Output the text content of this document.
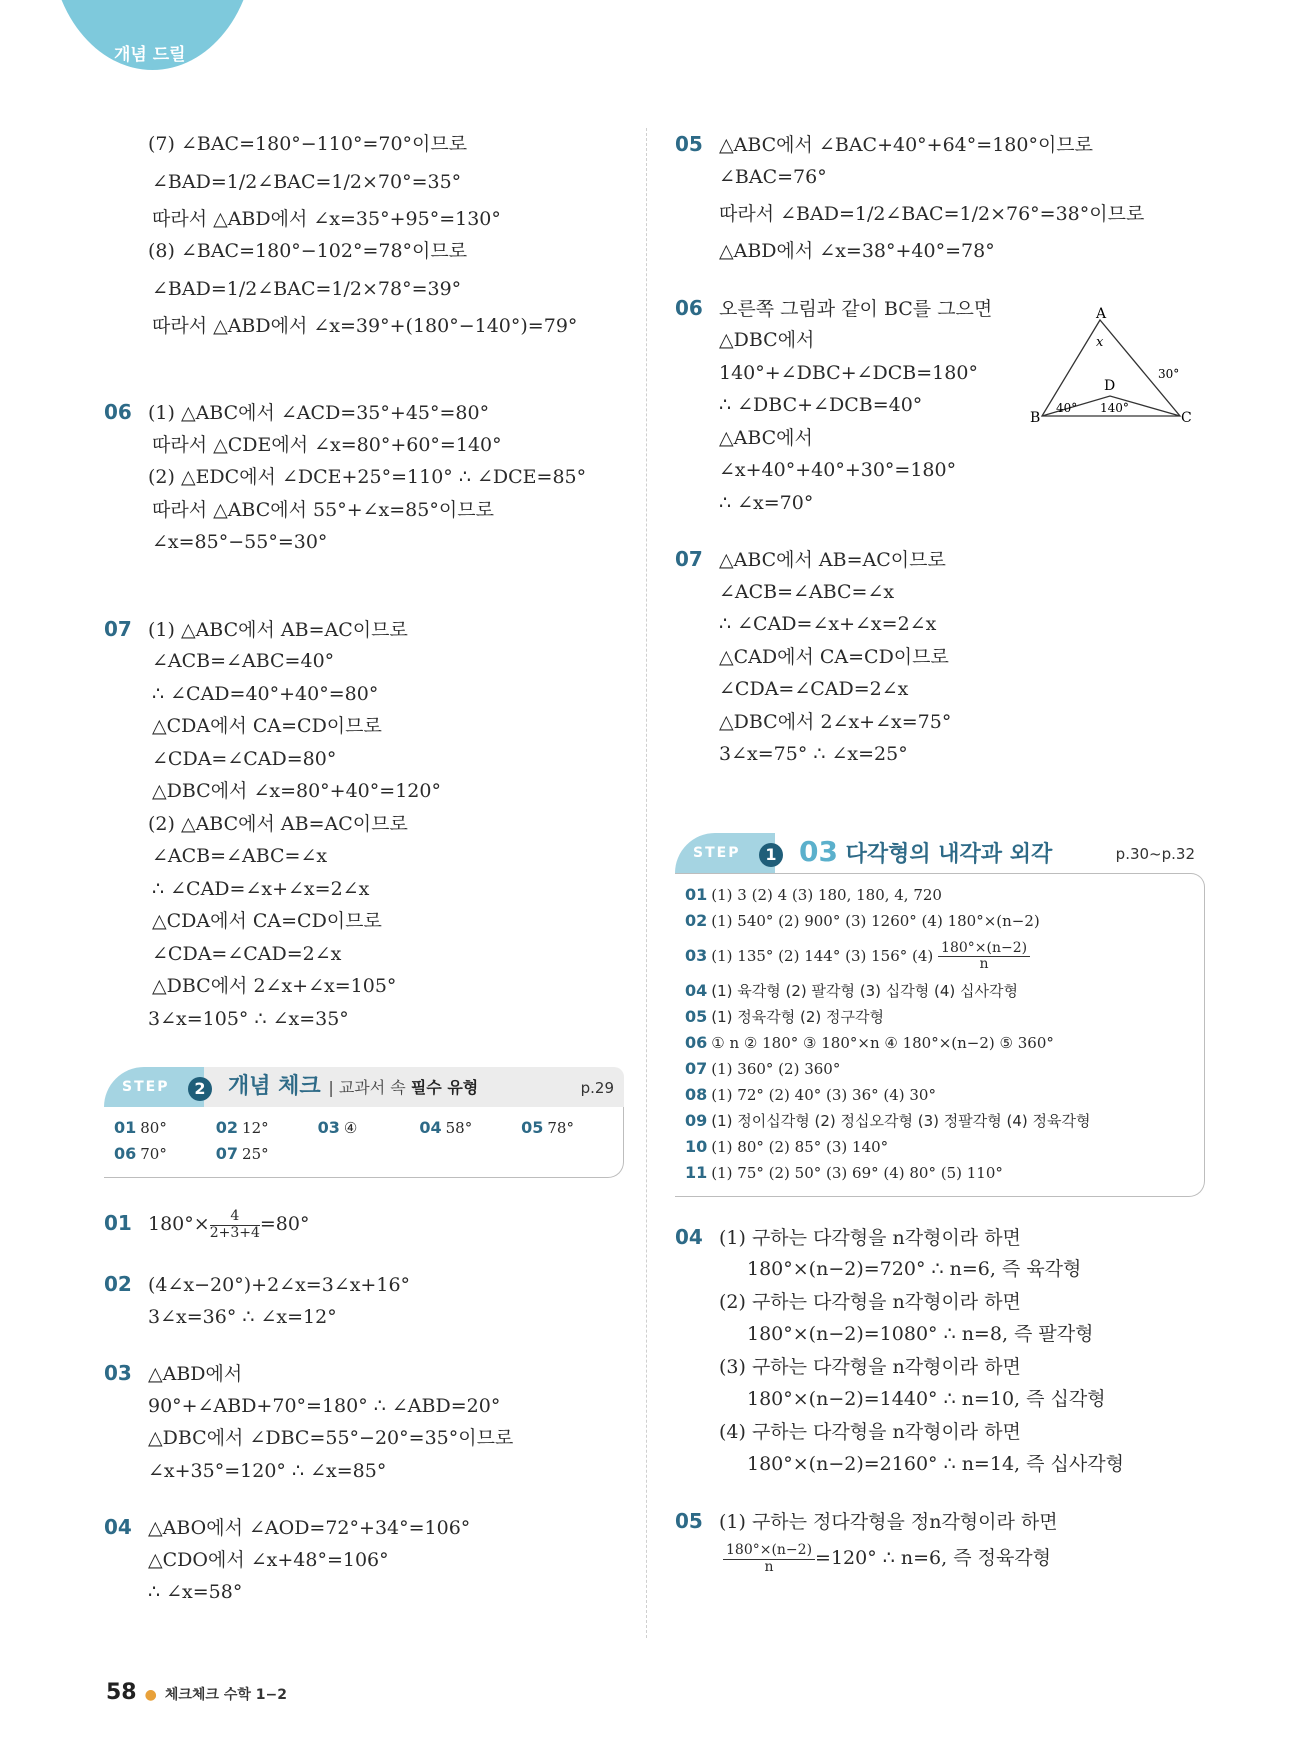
개념 드릴
(7) ∠BAC=180°−110°=70°이므로
∠BAD=1/2∠BAC=1/2×70°=35°
따라서 △ABD에서 ∠x=35°+95°=130°
(8) ∠BAC=180°−102°=78°이므로
∠BAD=1/2∠BAC=1/2×78°=39°
따라서 △ABD에서 ∠x=39°+(180°−140°)=79°
06 (1) △ABC에서 ∠ACD=35°+45°=80°
따라서 △CDE에서 ∠x=80°+60°=140°
(2) △EDC에서 ∠DCE+25°=110° ∴ ∠DCE=85°
따라서 △ABC에서 55°+∠x=85°이므로
∠x=85°−55°=30°
07 (1) △ABC에서 AB=AC이므로
∠ACB=∠ABC=40°
∴ ∠CAD=40°+40°=80°
△CDA에서 CA=CD이므로
∠CDA=∠CAD=80°
△DBC에서 ∠x=80°+40°=120°
(2) △ABC에서 AB=AC이므로
∠ACB=∠ABC=∠x
∴ ∠CAD=∠x+∠x=2∠x
△CDA에서 CA=CD이므로
∠CDA=∠CAD=2∠x
△DBC에서 2∠x+∠x=105°
3∠x=105° ∴ ∠x=35°
STEP	2 개념 체크 | 교과서 속 필수 유형	p.29
01 80°	02 12°	03 ④	04 58°	05 78°
06 70°	07 25°
01 $180^\circ\times \frac{4}{2+3+4} =80^\circ$
02 (4∠x−20°)+2∠x=3∠x+16°
3∠x=36° ∴ ∠x=12°
03 △ABD에서
90°+∠ABD+70°=180° ∴ ∠ABD=20°
△DBC에서 ∠DBC=55°−20°=35°이므로
∠x+35°=120° ∴ ∠x=85°
04 △ABO에서 ∠AOD=72°+34°=106°
△CDO에서 ∠x+48°=106°
∴ ∠x=58°
05 △ABC에서 ∠BAC+40°+64°=180°이므로
∠BAC=76°
따라서 ∠BAD=1/2∠BAC=1/2×76°=38°이므로
△ABD에서 ∠x=38°+40°=78°
06 오른쪽 그림과 같이 BC를 그으면
△DBC에서
140°+∠DBC+∠DCB=180°
∴ ∠DBC+∠DCB=40°
△ABC에서
∠x+40°+40°+30°=180°
∴ ∠x=70°
07 △ABC에서 AB=AC이므로
∠ACB=∠ABC=∠x
∴ ∠CAD=∠x+∠x=2∠x
△CAD에서 CA=CD이므로
∠CDA=∠CAD=2∠x
△DBC에서 2∠x+∠x=75°
3∠x=75° ∴ ∠x=25°
STEP	1 03 다각형의 내각과 외각	p.30~p.32
01 (1) 3 (2) 4 (3) 180, 180, 4, 720
02 (1) 540° (2) 900° (3) 1260° (4) 180°×(n−2)
03 (1) 135° (2) 144° (3) 156° $(4) \frac{180^\circ\times(n-2)}{n}$
04 (1) 육각형 (2) 팔각형 (3) 십각형 (4) 십사각형
05 (1) 정육각형 (2) 정구각형
06 ① n ② 180° ③ 180°×n ④ 180°×(n−2) ⑤ 360°
07 (1) 360° (2) 360°
08 (1) 72° (2) 40° (3) 36° (4) 30°
09 (1) 정이십각형 (2) 정십오각형 (3) 정팔각형 (4) 정육각형
10 (1) 80° (2) 85° (3) 140°
11 (1) 75° (2) 50° (3) 69° (4) 80° (5) 110°
04 (1) 구하는 다각형을 n각형이라 하면
180°×(n−2)=720° ∴ n=6, 즉 육각형
(2) 구하는 다각형을 n각형이라 하면
180°×(n−2)=1080° ∴ n=8, 즉 팔각형
(3) 구하는 다각형을 n각형이라 하면
180°×(n−2)=1440° ∴ n=10, 즉 십각형
(4) 구하는 다각형을 n각형이라 하면
180°×(n−2)=2160° ∴ n=14, 즉 십사각형
05 (1) 구하는 정다각형을 정n각형이라 하면
$\frac{180^\circ\times(n-2)}{n} =120^\circ$ ∴ n=6, 즉 정육각형
A
B	C
D
x
40° 140°
30°
58 ● 체크체크 수학 1−2
